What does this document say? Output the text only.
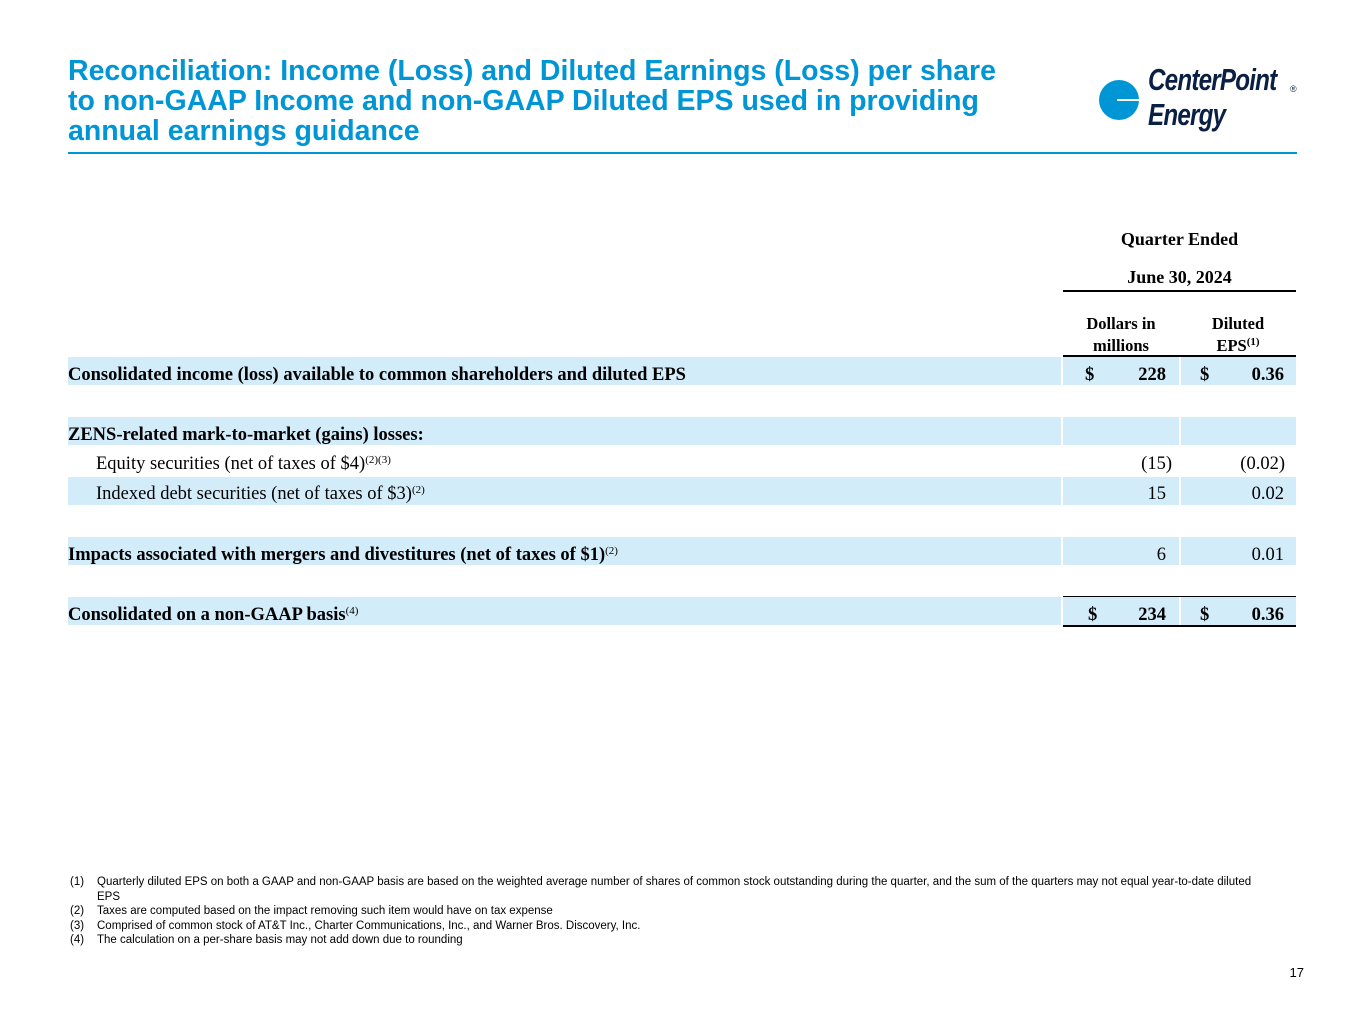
Reconciliation: Income (Loss) and Diluted Earnings (Loss) per share
to non-GAAP Income and non-GAAP Diluted EPS used in providing
annual earnings guidance
CenterPoint
Energy
®
Quarter Ended
June 30, 2024
Dollars in
millions
Diluted
EPS$^{(1)}$
Consolidated income (loss) available to common shareholders and diluted EPS	$ 228 $ 0.36
ZENS-related mark-to-market (gains) losses:
Equity securities (net of taxes of $4)$^{(2)(3)}$	(15)	(0.02)
Indexed debt securities (net of taxes of $3)$^{(2)}$	15	0.02
Impacts associated with mergers and divestitures (net of taxes of $1)$^{(2)}$	6	0.01
Consolidated on a non-GAAP basis$^{(4)}$	$ 234 $ 0.36
(1)	Quarterly diluted EPS on both a GAAP and non-GAAP basis are based on the weighted average number of shares of common stock outstanding during the quarter, and the sum of the quarters may not equal year-to-date diluted EPS
(2)	Taxes are computed based on the impact removing such item would have on tax expense
(3)	Comprised of common stock of AT&T Inc., Charter Communications, Inc., and Warner Bros. Discovery, Inc.
(4)	The calculation on a per-share basis may not add down due to rounding
17
